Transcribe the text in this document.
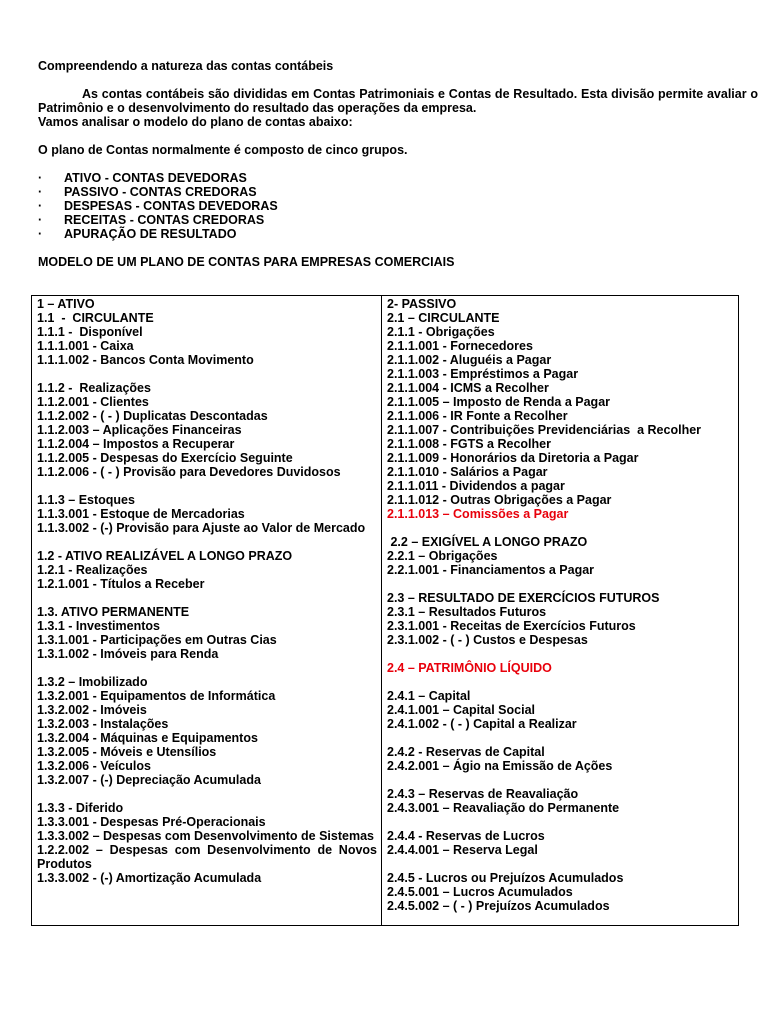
Compreendendo a natureza das contas contábeis

As contas contábeis são divididas em Contas Patrimoniais e Contas de Resultado. Esta divisão permite avaliar o Patrimônio e o desenvolvimento do resultado das operações da empresa.

Vamos analisar o modelo do plano de contas abaixo:

O plano de Contas normalmente é composto de cinco grupos.

·	ATIVO - CONTAS DEVEDORAS
·	PASSIVO - CONTAS CREDORAS
·	DESPESAS - CONTAS DEVEDORAS
·	RECEITAS - CONTAS CREDORAS
·	APURAÇÃO DE RESULTADO

MODELO DE UM PLANO DE CONTAS PARA EMPRESAS COMERCIAIS

1 – ATIVO
1.1  -  CIRCULANTE
1.1.1 -  Disponível
1.1.1.001 - Caixa
1.1.1.002 - Bancos Conta Movimento
1.1.2 -  Realizações
1.1.2.001 - Clientes
1.1.2.002 - ( - ) Duplicatas Descontadas
1.1.2.003 – Aplicações Financeiras
1.1.2.004 – Impostos a Recuperar
1.1.2.005 - Despesas do Exercício Seguinte
1.1.2.006 - ( - ) Provisão para Devedores Duvidosos
1.1.3 – Estoques
1.1.3.001 - Estoque de Mercadorias
1.1.3.002 - (-) Provisão para Ajuste ao Valor de Mercado
1.2 - ATIVO REALIZÁVEL A LONGO PRAZO
1.2.1 - Realizações
1.2.1.001 - Títulos a Receber
1.3. ATIVO PERMANENTE
1.3.1 - Investimentos
1.3.1.001 - Participações em Outras Cias
1.3.1.002 - Imóveis para Renda
1.3.2 – Imobilizado
1.3.2.001 - Equipamentos de Informática
1.3.2.002 - Imóveis
1.3.2.003 - Instalações
1.3.2.004 - Máquinas e Equipamentos
1.3.2.005 - Móveis e Utensílios
1.3.2.006 - Veículos
1.3.2.007 - (-) Depreciação Acumulada
1.3.3 - Diferido
1.3.3.001 - Despesas Pré-Operacionais
1.3.3.002 – Despesas com Desenvolvimento de Sistemas
1.2.2.002 – Despesas com Desenvolvimento de Novos Produtos
1.3.3.002 - (-) Amortização Acumulada
2- PASSIVO
2.1 – CIRCULANTE
2.1.1 - Obrigações
2.1.1.001 - Fornecedores
2.1.1.002 - Aluguéis a Pagar
2.1.1.003 - Empréstimos a Pagar
2.1.1.004 - ICMS a Recolher
2.1.1.005 – Imposto de Renda a Pagar
2.1.1.006 - IR Fonte a Recolher
2.1.1.007 - Contribuições Previdenciárias  a Recolher
2.1.1.008 - FGTS a Recolher
2.1.1.009 - Honorários da Diretoria a Pagar
2.1.1.010 - Salários a Pagar
2.1.1.011 - Dividendos a pagar
2.1.1.012 - Outras Obrigações a Pagar
2.1.1.013 – Comissões a Pagar
2.2 – EXIGÍVEL A LONGO PRAZO
2.2.1 – Obrigações
2.2.1.001 - Financiamentos a Pagar
2.3 – RESULTADO DE EXERCÍCIOS FUTUROS
2.3.1 – Resultados Futuros
2.3.1.001 - Receitas de Exercícios Futuros
2.3.1.002 - ( - ) Custos e Despesas
2.4 – PATRIMÔNIO LÍQUIDO
2.4.1 – Capital
2.4.1.001 – Capital Social
2.4.1.002 - ( - ) Capital a Realizar
2.4.2 - Reservas de Capital
2.4.2.001 – Ágio na Emissão de Ações
2.4.3 – Reservas de Reavaliação
2.4.3.001 – Reavaliação do Permanente
2.4.4 - Reservas de Lucros
2.4.4.001 – Reserva Legal
2.4.5 - Lucros ou Prejuízos Acumulados
2.4.5.001 – Lucros Acumulados
2.4.5.002 – ( - ) Prejuízos Acumulados
